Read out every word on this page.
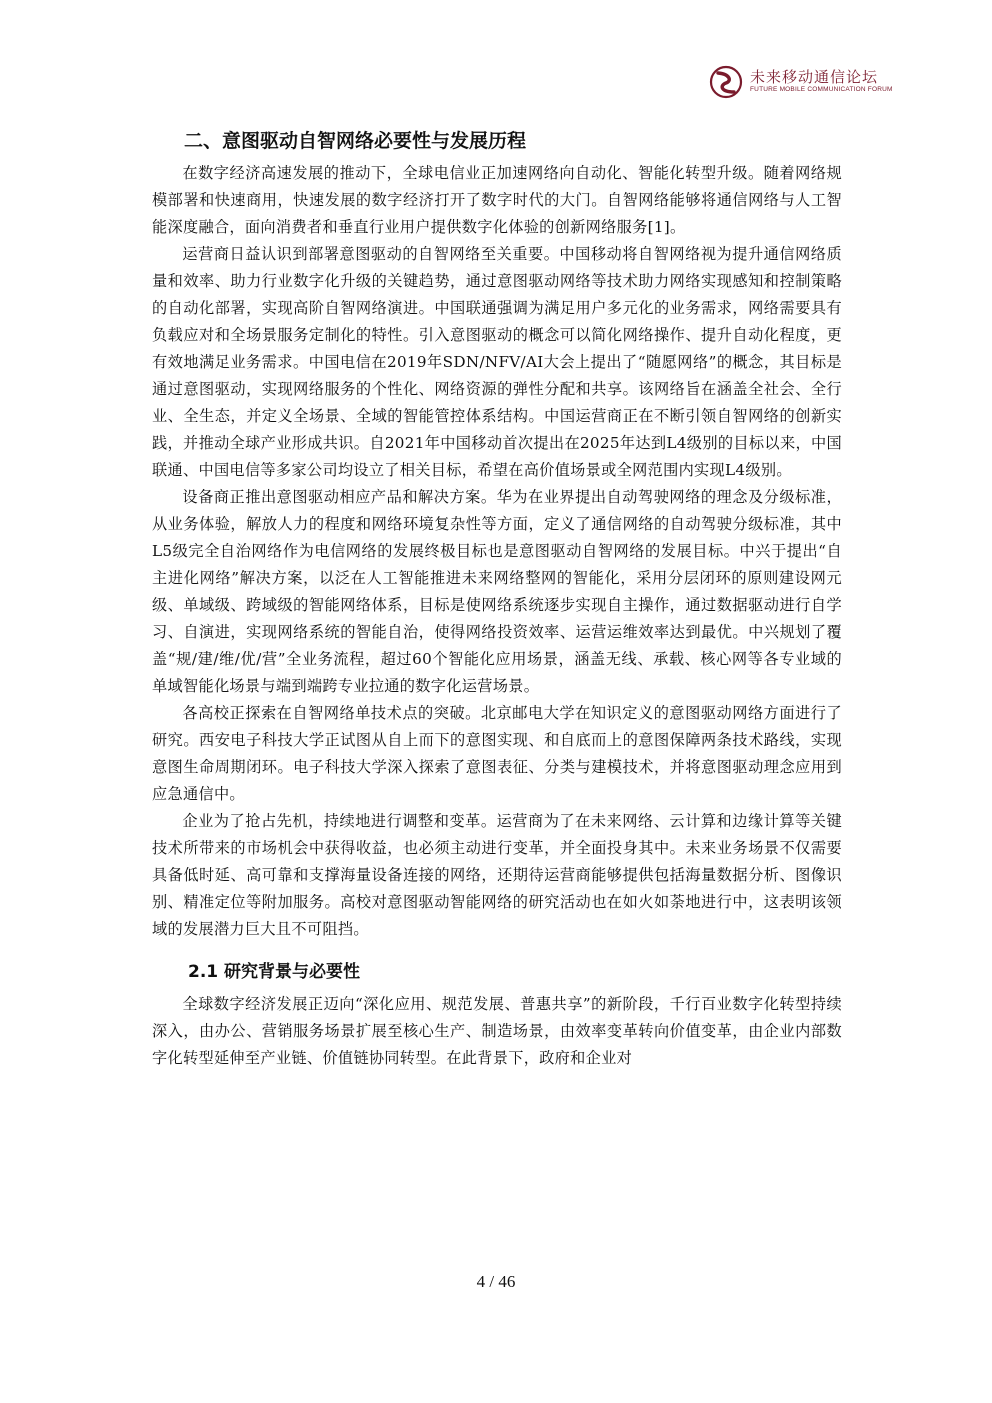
未来移动通信论坛
FUTURE MOBILE COMMUNICATION FORUM
二、意图驱动自智网络必要性与发展历程

在数字经济高速发展的推动下，全球电信业正加速网络向自动化、智能化转型升级。随着网络规模部署和快速商用，快速发展的数字经济打开了数字时代的大门。自智网络能够将通信网络与人工智能深度融合，面向消费者和垂直行业用户提供数字化体验的创新网络服务[1]。

运营商日益认识到部署意图驱动的自智网络至关重要。中国移动将自智网络视为提升通信网络质量和效率、助力行业数字化升级的关键趋势，通过意图驱动网络等技术助力网络实现感知和控制策略的自动化部署，实现高阶自智网络演进。中国联通强调为满足用户多元化的业务需求，网络需要具有负载应对和全场景服务定制化的特性。引入意图驱动的概念可以简化网络操作、提升自动化程度，更有效地满足业务需求。中国电信在2019年SDN/NFV/AI大会上提出了“随愿网络”的概念，其目标是通过意图驱动，实现网络服务的个性化、网络资源的弹性分配和共享。该网络旨在涵盖全社会、全行业、全生态，并定义全场景、全域的智能管控体系结构。中国运营商正在不断引领自智网络的创新实践，并推动全球产业形成共识。自2021年中国移动首次提出在2025年达到L4级别的目标以来，中国联通、中国电信等多家公司均设立了相关目标，希望在高价值场景或全网范围内实现L4级别。

设备商正推出意图驱动相应产品和解决方案。华为在业界提出自动驾驶网络的理念及分级标准，从业务体验，解放人力的程度和网络环境复杂性等方面，定义了通信网络的自动驾驶分级标准，其中L5级完全自治网络作为电信网络的发展终极目标也是意图驱动自智网络的发展目标。中兴于提出“自主进化网络”解决方案，以泛在人工智能推进未来网络整网的智能化，采用分层闭环的原则建设网元级、单域级、跨域级的智能网络体系，目标是使网络系统逐步实现自主操作，通过数据驱动进行自学习、自演进，实现网络系统的智能自治，使得网络投资效率、运营运维效率达到最优。中兴规划了覆盖“规/建/维/优/营”全业务流程，超过60个智能化应用场景，涵盖无线、承载、核心网等各专业域的单域智能化场景与端到端跨专业拉通的数字化运营场景。

各高校正探索在自智网络单技术点的突破。北京邮电大学在知识定义的意图驱动网络方面进行了研究。西安电子科技大学正试图从自上而下的意图实现、和自底而上的意图保障两条技术路线，实现意图生命周期闭环。电子科技大学深入探索了意图表征、分类与建模技术，并将意图驱动理念应用到应急通信中。

企业为了抢占先机，持续地进行调整和变革。运营商为了在未来网络、云计算和边缘计算等关键技术所带来的市场机会中获得收益，也必须主动进行变革，并全面投身其中。未来业务场景不仅需要具备低时延、高可靠和支撑海量设备连接的网络，还期待运营商能够提供包括海量数据分析、图像识别、精准定位等附加服务。高校对意图驱动智能网络的研究活动也在如火如荼地进行中，这表明该领域的发展潜力巨大且不可阻挡。

2.1 研究背景与必要性

全球数字经济发展正迈向“深化应用、规范发展、普惠共享”的新阶段，千行百业数字化转型持续深入，由办公、营销服务场景扩展至核心生产、制造场景，由效率变革转向价值变革，由企业内部数字化转型延伸至产业链、价值链协同转型。在此背景下，政府和企业对

4 / 46
